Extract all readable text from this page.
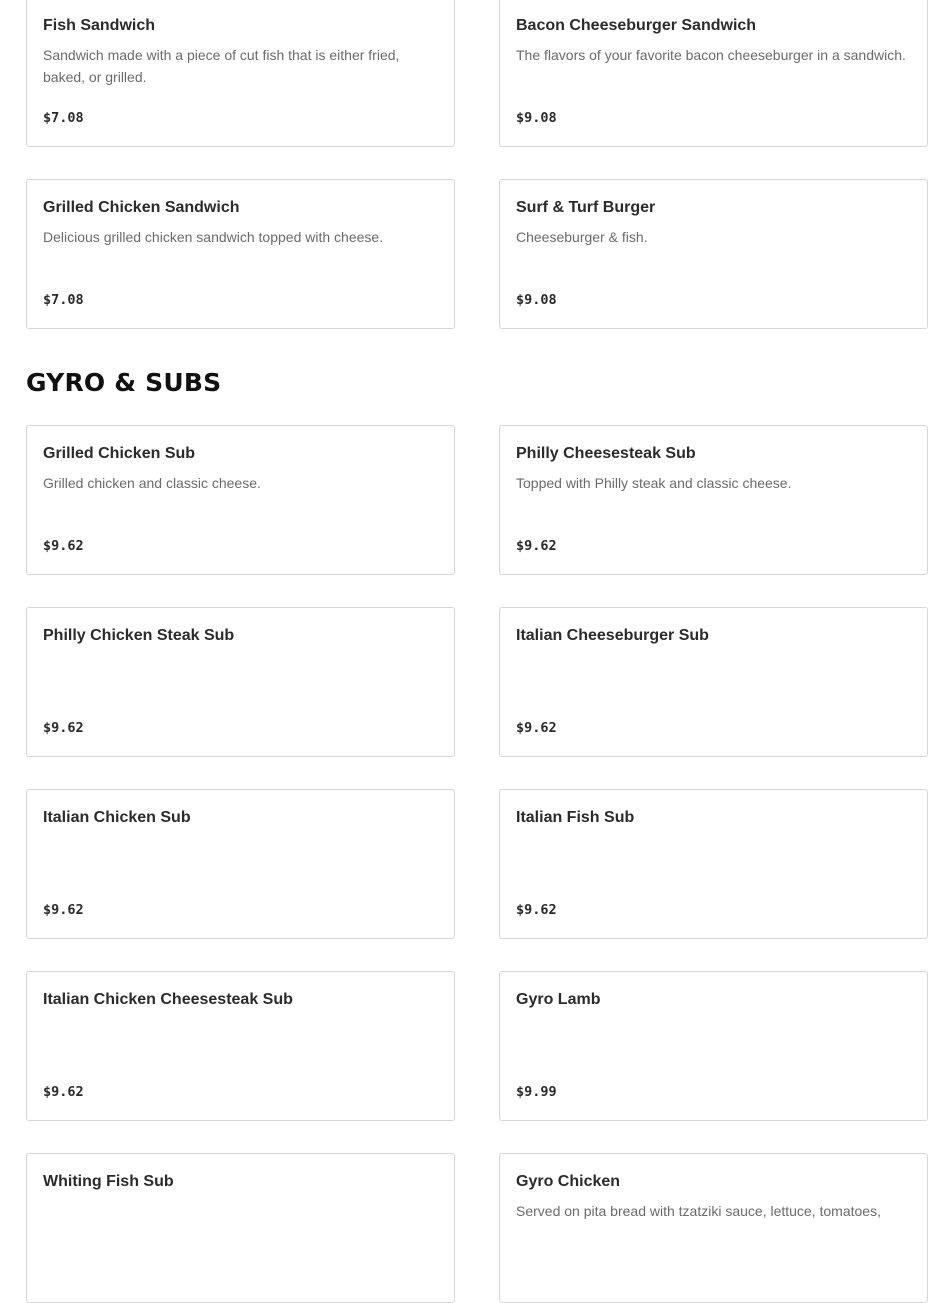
Fish Sandwich
Sandwich made with a piece of cut fish that is either fried, baked, or grilled.
$7.08
Bacon Cheeseburger Sandwich
The flavors of your favorite bacon cheeseburger in a sandwich.
$9.08
Grilled Chicken Sandwich
Delicious grilled chicken sandwich topped with cheese.
$7.08
Surf & Turf Burger
Cheeseburger & fish.
$9.08
GYRO & SUBS
Grilled Chicken Sub
Grilled chicken and classic cheese.
$9.62
Philly Cheesesteak Sub
Topped with Philly steak and classic cheese.
$9.62
Philly Chicken Steak Sub
$9.62
Italian Cheeseburger Sub
$9.62
Italian Chicken Sub
$9.62
Italian Fish Sub
$9.62
Italian Chicken Cheesesteak Sub
$9.62
Gyro Lamb
$9.99
Whiting Fish Sub	Gyro Chicken
Served on pita bread with tzatziki sauce, lettuce, tomatoes,
